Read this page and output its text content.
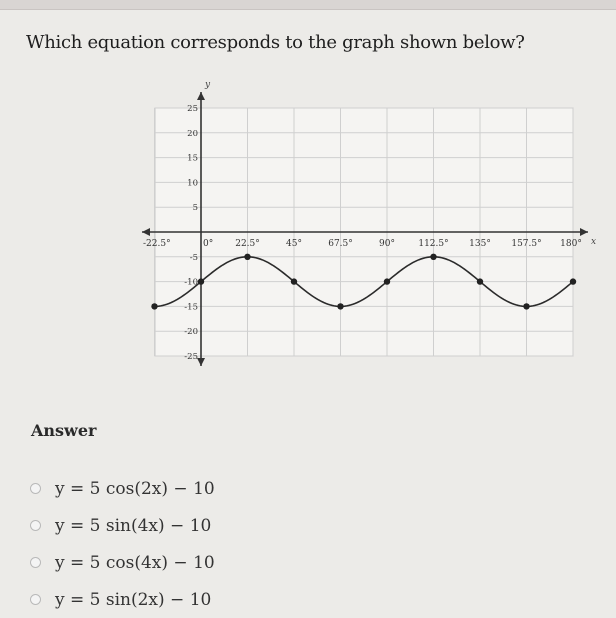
Which equation corresponds to the graph shown below?
x
y
-22.5°	0° 22.5°	45°	67.5°	90°	112.5° 135° 157.5° 180°
25
20
15
10
5
-5
-10
-15
-20
-25
Answer
y = 5 cos(2x) − 10
y = 5 sin(4x) − 10
y = 5 cos(4x) − 10
y = 5 sin(2x) − 10
